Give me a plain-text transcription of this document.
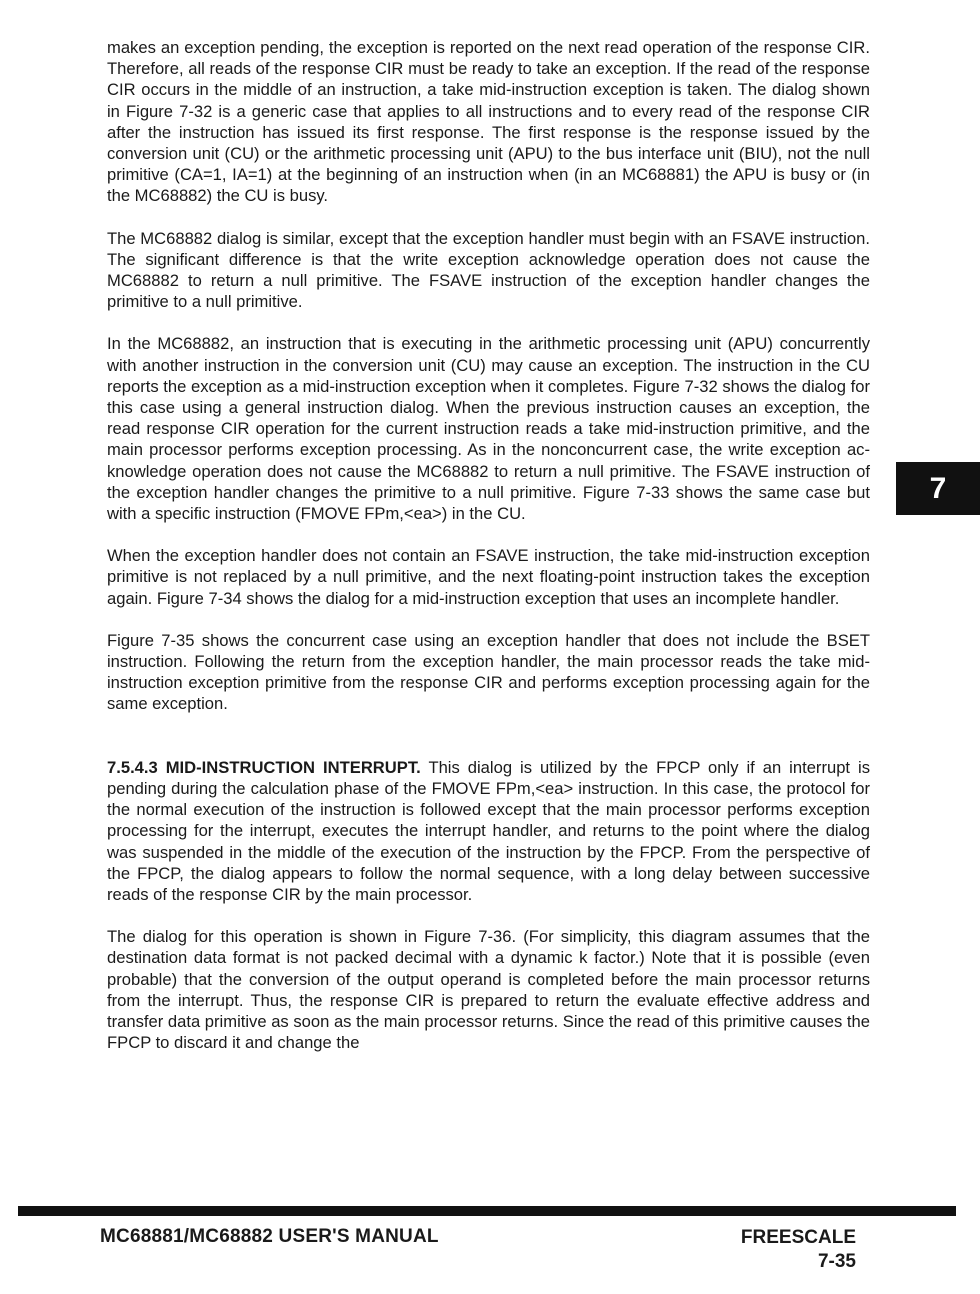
makes an exception pending, the exception is reported on the next read operation of the response CIR. Therefore, all reads of the response CIR must be ready to take an exception. If the read of the response CIR occurs in the middle of an instruction, a take mid-instruction exception is taken. The dialog shown in Figure 7-32 is a generic case that applies to all instructions and to every read of the response CIR after the instruction has issued its first response. The first response is the response issued by the conversion unit (CU) or the arithmetic processing unit (APU) to the bus interface unit (BIU), not the null primitive (CA=1, IA=1) at the beginning of an instruction when (in an MC68881) the APU is busy or (in the MC68882) the CU is busy.

The MC68882 dialog is similar, except that the exception handler must begin with an FSAVE instruction. The significant difference is that the write exception acknowledge operation does not cause the MC68882 to return a null primitive. The FSAVE instruction of the exception handler changes the primitive to a null primitive.

In the MC68882, an instruction that is executing in the arithmetic processing unit (APU) concurrently with another instruction in the conversion unit (CU) may cause an exception. The instruction in the CU reports the exception as a mid-instruction exception when it completes. Figure 7-32 shows the dialog for this case using a general instruction dialog. When the previous instruction causes an exception, the read response CIR operation for the current instruction reads a take mid-instruction primitive, and the main processor performs exception processing. As in the nonconcurrent case, the write exception ac-knowledge operation does not cause the MC68882 to return a null primitive. The FSAVE instruction of the exception handler changes the primitive to a null primitive. Figure 7-33 shows the same case but with a specific instruction (FMOVE FPm,<ea>) in the CU.

When the exception handler does not contain an FSAVE instruction, the take mid-instruction exception primitive is not replaced by a null primitive, and the next floating-point instruction takes the exception again. Figure 7-34 shows the dialog for a mid-instruction exception that uses an incomplete handler.

Figure 7-35 shows the concurrent case using an exception handler that does not include the BSET instruction. Following the return from the exception handler, the main processor reads the take mid-instruction exception primitive from the response CIR and performs exception processing again for the same exception.

7.5.4.3 MID-INSTRUCTION INTERRUPT. This dialog is utilized by the FPCP only if an interrupt is pending during the calculation phase of the FMOVE FPm,<ea> instruction. In this case, the protocol for the normal execution of the instruction is followed except that the main processor performs exception processing for the interrupt, executes the interrupt handler, and returns to the point where the dialog was suspended in the middle of the execution of the instruction by the FPCP. From the perspective of the FPCP, the dialog appears to follow the normal sequence, with a long delay between successive reads of the response CIR by the main processor.

The dialog for this operation is shown in Figure 7-36. (For simplicity, this diagram assumes that the destination data format is not packed decimal with a dynamic k factor.) Note that it is possible (even probable) that the conversion of the output operand is completed before the main processor returns from the interrupt. Thus, the response CIR is prepared to return the evaluate effective address and transfer data primitive as soon as the main processor returns. Since the read of this primitive causes the FPCP to discard it and change the

7
MC68881/MC68882 USER'S MANUAL	FREESCALE
7-35
